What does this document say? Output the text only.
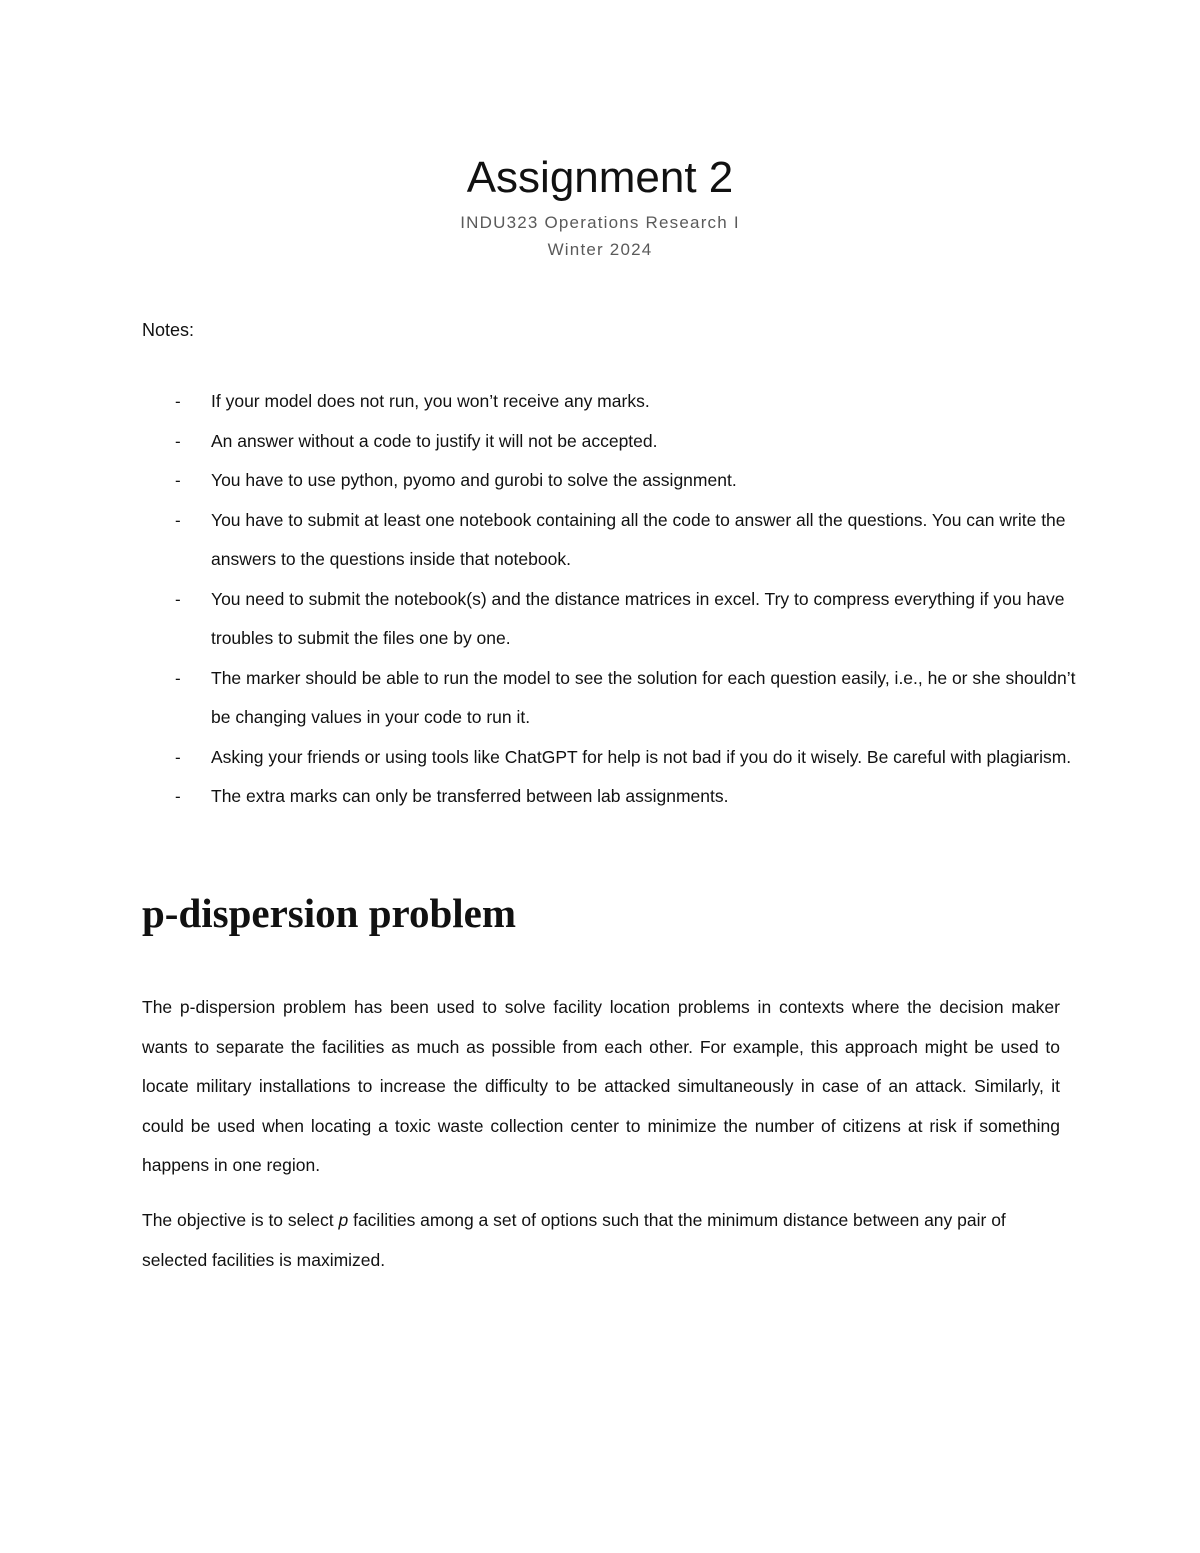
Assignment 2

INDU323 Operations Research I

Winter 2024

Notes:

- If your model does not run, you won’t receive any marks.
- An answer without a code to justify it will not be accepted.
- You have to use python, pyomo and gurobi to solve the assignment.
- You have to submit at least one notebook containing all the code to answer all the questions. You can write the answers to the questions inside that notebook.
- You need to submit the notebook(s) and the distance matrices in excel. Try to compress everything if you have troubles to submit the files one by one.
- The marker should be able to run the model to see the solution for each question easily, i.e., he or she shouldn’t be changing values in your code to run it.
- Asking your friends or using tools like ChatGPT for help is not bad if you do it wisely. Be careful with plagiarism.
- The extra marks can only be transferred between lab assignments.
p-dispersion problem

The p-dispersion problem has been used to solve facility location problems in contexts where the decision maker wants to separate the facilities as much as possible from each other. For example, this approach might be used to locate military installations to increase the difficulty to be attacked simultaneously in case of an attack. Similarly, it could be used when locating a toxic waste collection center to minimize the number of citizens at risk if something happens in one region.

The objective is to select p facilities among a set of options such that the minimum distance between any pair of selected facilities is maximized.
